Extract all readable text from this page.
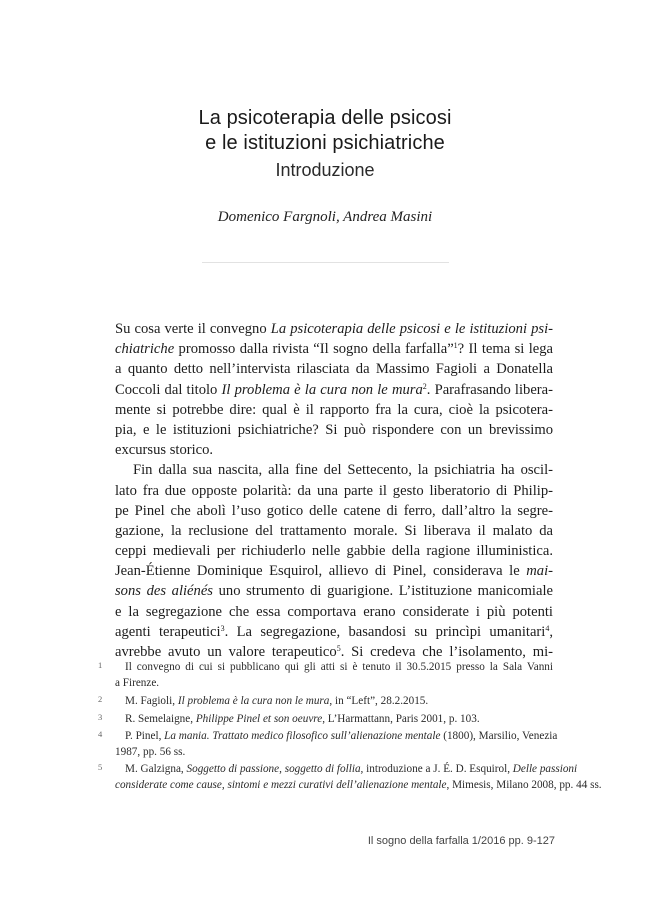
La psicoterapia delle psicosi
e le istituzioni psichiatriche
Introduzione
Domenico Fargnoli, Andrea Masini
Su cosa verte il convegno La psicoterapia delle psicosi e le istituzioni psi-
chiatriche promosso dalla rivista “Il sogno della farfalla”$^1$? Il tema si lega
a quanto detto nell’intervista rilasciata da Massimo Fagioli a Donatella
Coccoli dal titolo Il problema è la cura non le mura$^2$. Parafrasando libera-
mente si potrebbe dire: qual è il rapporto fra la cura, cioè la psicotera-
pia, e le istituzioni psichiatriche? Si può rispondere con un brevissimo
excursus storico.
Fin dalla sua nascita, alla fine del Settecento, la psichiatria ha oscil-
lato fra due opposte polarità: da una parte il gesto liberatorio di Philip-
pe Pinel che abolì l’uso gotico delle catene di ferro, dall’altro la segre-
gazione, la reclusione del trattamento morale. Si liberava il malato da
ceppi medievali per richiuderlo nelle gabbie della ragione illuministica.
Jean-Étienne Dominique Esquirol, allievo di Pinel, considerava le mai-
sons des aliénés uno strumento di guarigione. L’istituzione manicomiale
e la segregazione che essa comportava erano considerate i più potenti
agenti terapeutici$^3$. La segregazione, basandosi su princìpi umanitari$^4$,
avrebbe avuto un valore terapeutico$^5$. Si credeva che l’isolamento, mi-
1	Il convegno di cui si pubblicano qui gli atti si è tenuto il 30.5.2015 presso la Sala Vanni
a Firenze.
2	M. Fagioli, Il problema è la cura non le mura, in “Left”, 28.2.2015.
3	R. Semelaigne, Philippe Pinel et son oeuvre, L’Harmattann, Paris 2001, p. 103.
4	P. Pinel, La mania. Trattato medico filosofico sull’alienazione mentale (1800), Marsilio, Venezia
1987, pp. 56 ss.
5	M. Galzigna, Soggetto di passione, soggetto di follia, introduzione a J. É. D. Esquirol, Delle passioni
considerate come cause, sintomi e mezzi curativi dell’alienazione mentale, Mimesis, Milano 2008, pp. 44 ss.
Il sogno della farfalla 1/2016 pp. 9-127
